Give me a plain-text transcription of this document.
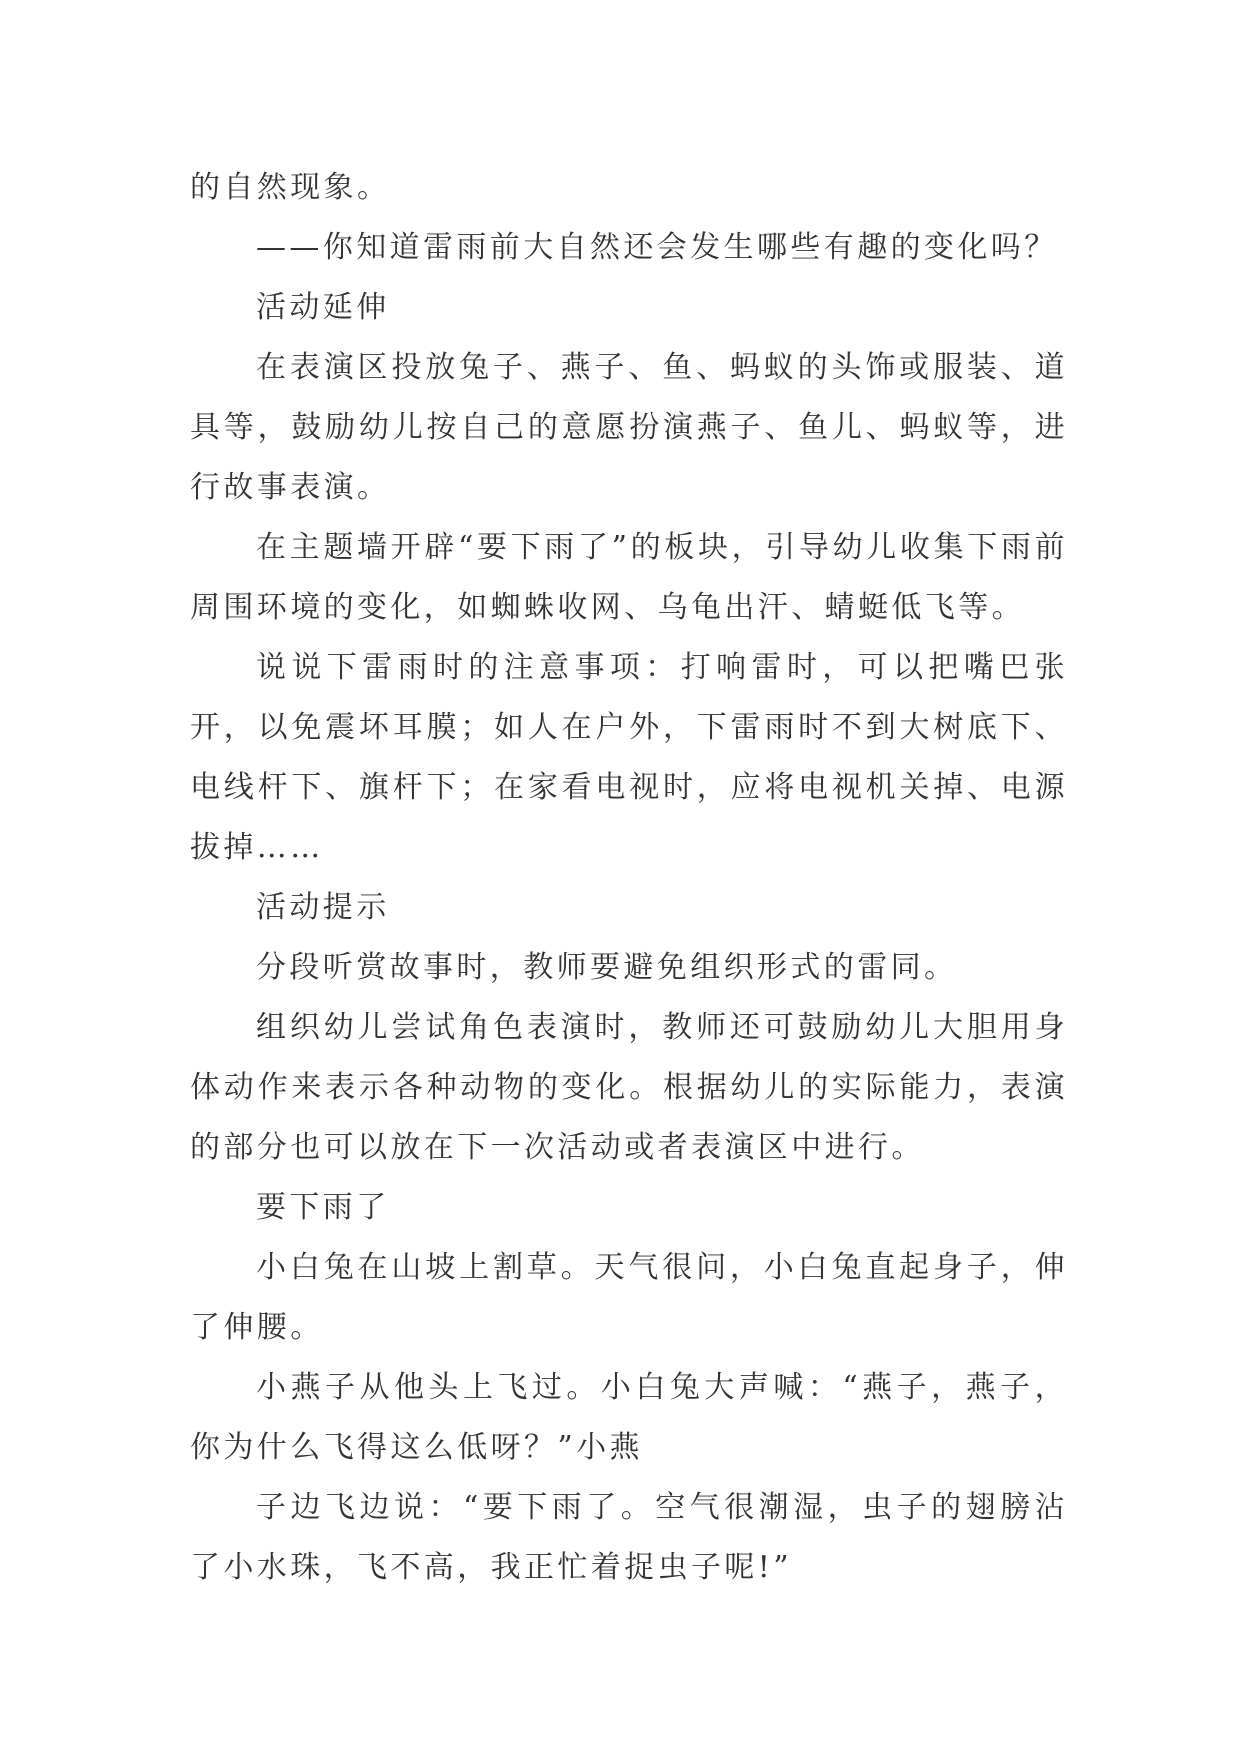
的自然现象。

——你知道雷雨前大自然还会发生哪些有趣的变化吗？

活动延伸

在表演区投放兔子、燕子、鱼、蚂蚁的头饰或服装、道具等，鼓励幼儿按自己的意愿扮演燕子、鱼儿、蚂蚁等，进行故事表演。

在主题墙开辟“要下雨了”的板块，引导幼儿收集下雨前周围环境的变化，如蜘蛛收网、乌龟出汗、蜻蜓低飞等。

说说下雷雨时的注意事项：打响雷时，可以把嘴巴张开，以免震坏耳膜；如人在户外，下雷雨时不到大树底下、电线杆下、旗杆下；在家看电视时，应将电视机关掉、电源拔掉……

活动提示

分段听赏故事时，教师要避免组织形式的雷同。

组织幼儿尝试角色表演时，教师还可鼓励幼儿大胆用身体动作来表示各种动物的变化。根据幼儿的实际能力，表演的部分也可以放在下一次活动或者表演区中进行。

要下雨了

小白兔在山坡上割草。天气很问，小白兔直起身子，伸了伸腰。

小燕子从他头上飞过。小白兔大声喊：“燕子，燕子，你为什么飞得这么低呀？”小燕

子边飞边说：“要下雨了。空气很潮湿，虫子的翅膀沾了小水珠，飞不高，我正忙着捉虫子呢!”
